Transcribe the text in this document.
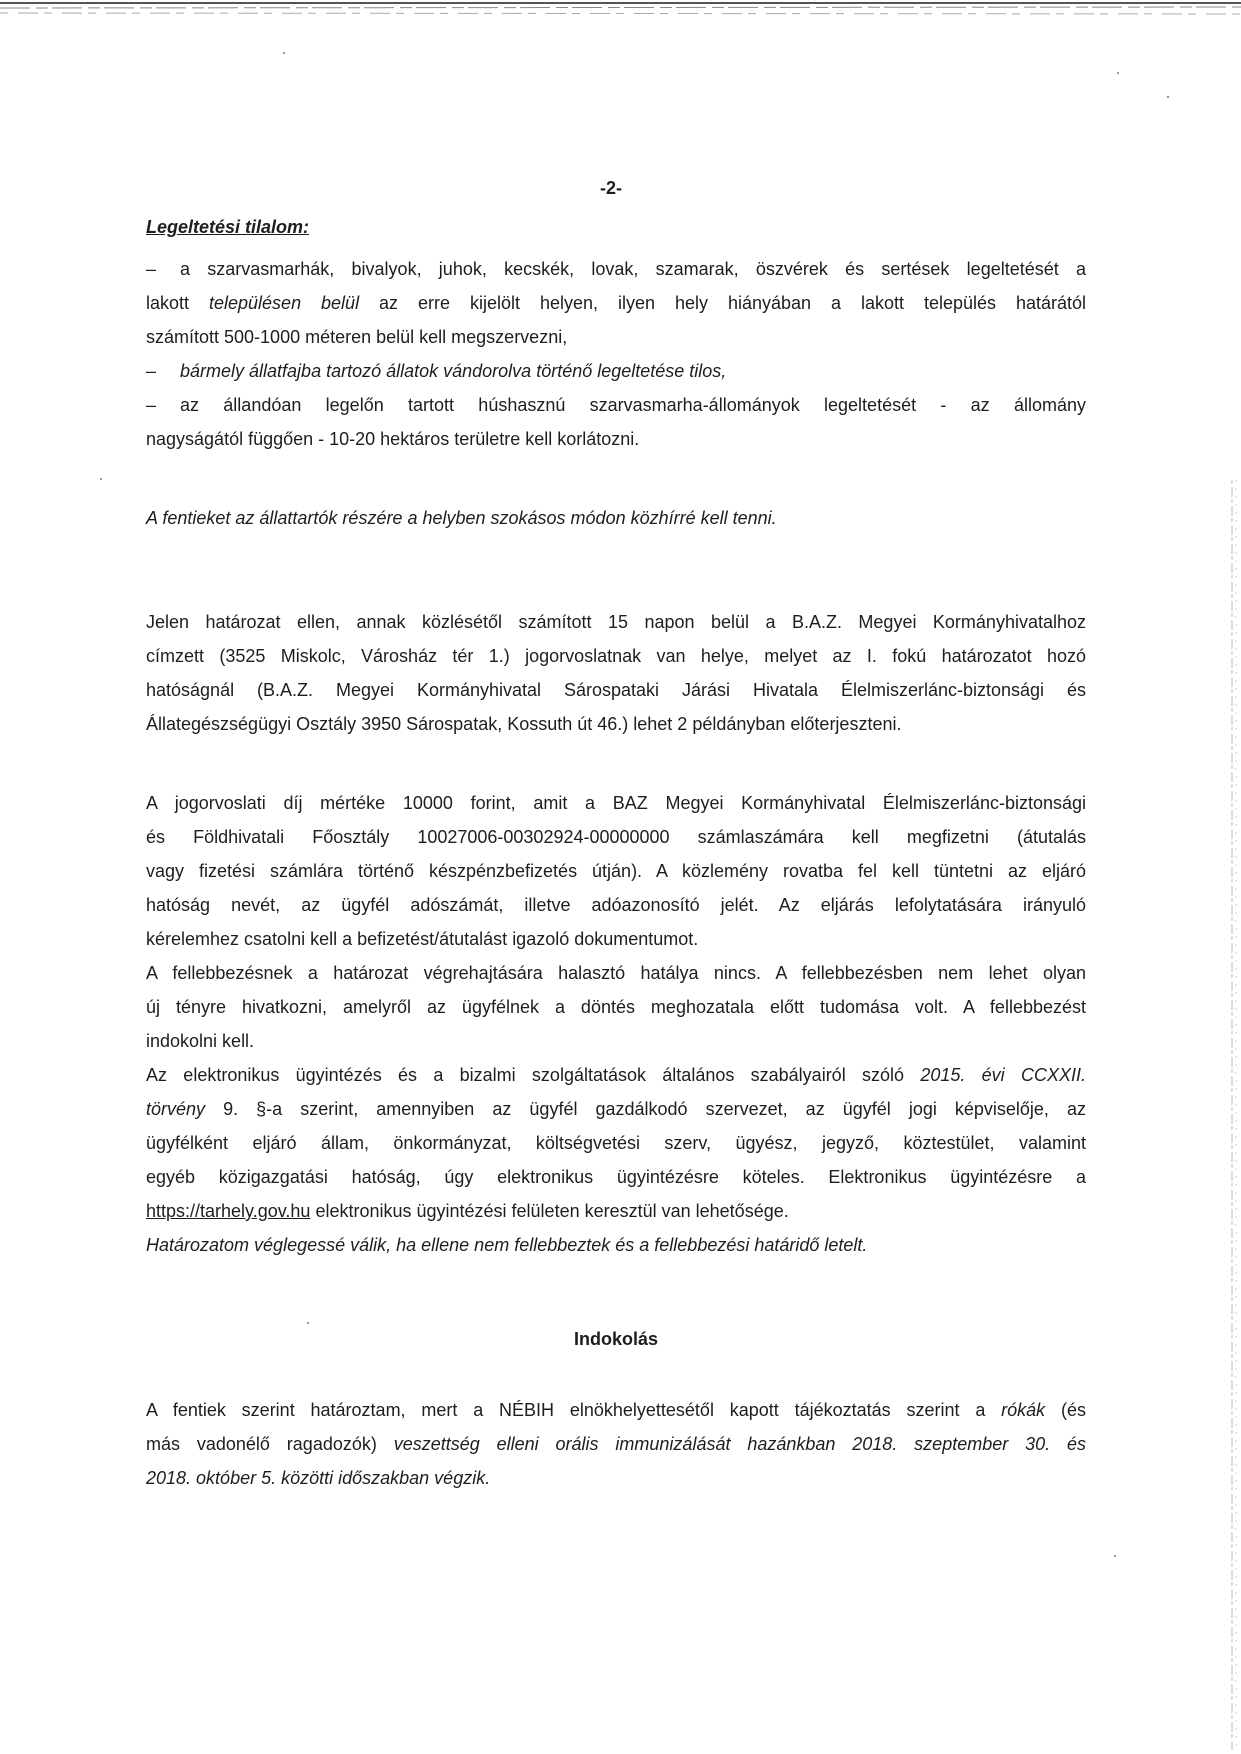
-2-
Legeltetési tilalom:
– a szarvasmarhák, bivalyok, juhok, kecskék, lovak, szamarak, öszvérek és sertések legeltetését a
lakott településen belül az erre kijelölt helyen, ilyen hely hiányában a lakott település határától
számított 500-1000 méteren belül kell megszervezni,
– bármely állatfajba tartozó állatok vándorolva történő legeltetése tilos,
– az állandóan legelőn tartott húshasznú szarvasmarha-állományok legeltetését - az állomány
nagyságától függően - 10-20 hektáros területre kell korlátozni.
A fentieket az állattartók részére a helyben szokásos módon közhírré kell tenni.
Jelen határozat ellen, annak közlésétől számított 15 napon belül a B.A.Z. Megyei Kormányhivatalhoz
címzett (3525 Miskolc, Városház tér 1.) jogorvoslatnak van helye, melyet az I. fokú határozatot hozó
hatóságnál (B.A.Z. Megyei Kormányhivatal Sárospataki Járási Hivatala Élelmiszerlánc-biztonsági és
Állategészségügyi Osztály 3950 Sárospatak, Kossuth út 46.) lehet 2 példányban előterjeszteni.
A jogorvoslati díj mértéke 10000 forint, amit a BAZ Megyei Kormányhivatal Élelmiszerlánc-biztonsági
és Földhivatali Főosztály 10027006-00302924-00000000 számlaszámára kell megfizetni (átutalás
vagy fizetési számlára történő készpénzbefizetés útján). A közlemény rovatba fel kell tüntetni az eljáró
hatóság nevét, az ügyfél adószámát, illetve adóazonosító jelét. Az eljárás lefolytatására irányuló
kérelemhez csatolni kell a befizetést/átutalást igazoló dokumentumot.
A fellebbezésnek a határozat végrehajtására halasztó hatálya nincs. A fellebbezésben nem lehet olyan
új tényre hivatkozni, amelyről az ügyfélnek a döntés meghozatala előtt tudomása volt. A fellebbezést
indokolni kell.
Az elektronikus ügyintézés és a bizalmi szolgáltatások általános szabályairól szóló 2015. évi CCXXII.
törvény 9. §-a szerint, amennyiben az ügyfél gazdálkodó szervezet, az ügyfél jogi képviselője, az
ügyfélként eljáró állam, önkormányzat, költségvetési szerv, ügyész, jegyző, köztestület, valamint
egyéb közigazgatási hatóság, úgy elektronikus ügyintézésre köteles. Elektronikus ügyintézésre a
https://tarhely.gov.hu elektronikus ügyintézési felületen keresztül van lehetősége.
Határozatom véglegessé válik, ha ellene nem fellebbeztek és a fellebbezési határidő letelt.
Indokolás
A fentiek szerint határoztam, mert a NÉBIH elnökhelyettesétől kapott tájékoztatás szerint a rókák (és
más vadonélő ragadozók) veszettség elleni orális immunizálását hazánkban 2018. szeptember 30. és
2018. október 5. közötti időszakban végzik.
